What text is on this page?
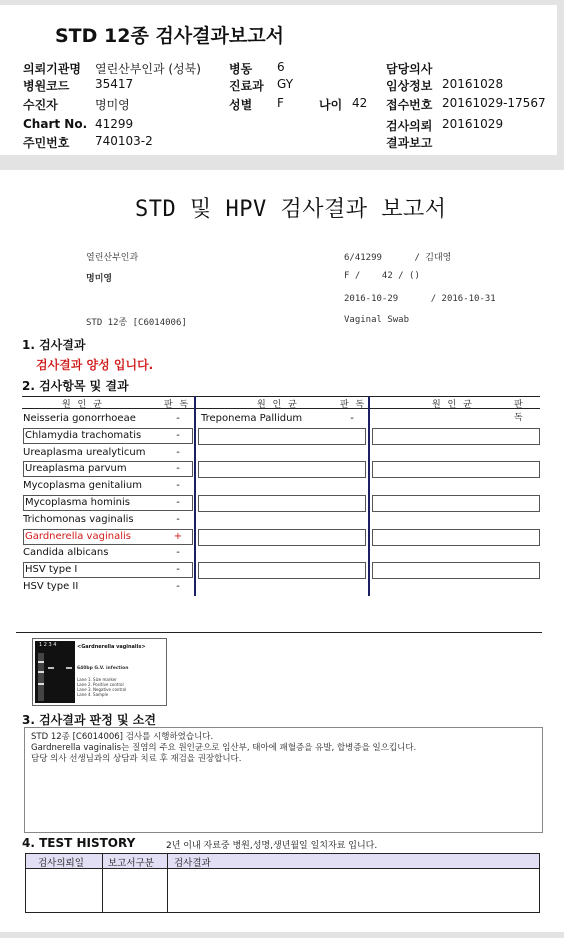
STD 12종 검사결과보고서
의뢰기관명 열린산부인과 (성북)
병원코드 35417
수진자	명미영
Chart No. 41299
주민번호 740103-2
병동 6
진료과 GY
성별 F	나이 42
담당의사
임상정보 20161028
접수번호 20161029-17567
검사의뢰 20161029
결과보고
STD 및 HPV 검사결과 보고서
열린산부인과
명미영
STD 12종 [C6014006]
6/41299      / 김대영
F /    42 / ()
2016-10-29      / 2016-10-31
Vaginal Swab
1. 검사결과
검사결과 양성 입니다.
2. 검사항목 및 결과
원 인 균	판 독	원 인 균	판 독	원 인 균	판 독
Treponema Pallidum	-
1 2 3 4	<Gardnerella vaginalis>
640bp G.V. infection
Lane 1. Size marker
Lane 2. Positive control
Lane 3. Negative control
Lane 4. Sample
3. 검사결과 판정 및 소견
STD 12종 [C6014006] 검사를 시행하였습니다.
Gardnerella vaginalis는 질염의 주요 원인균으로 임산부, 태아에 패혈증을 유발, 합병증을 일으킵니다.
담당 의사 선생님과의 상담과 치료 후 재검을 권장합니다.
4. TEST HISTORY	2년 이내 자료중 병원,성명,생년월일 일치자료 입니다.
검사의뢰일	보고서구분 검사결과
Neisseria gonorrhoeae	-
Chlamydia trachomatis	-
Ureaplasma urealyticum	-
Ureaplasma parvum	-
Mycoplasma genitalium	-
Mycoplasma hominis	-
Trichomonas vaginalis	-
Gardnerella vaginalis	+
Candida albicans	-
HSV type I	-
HSV type II	-
